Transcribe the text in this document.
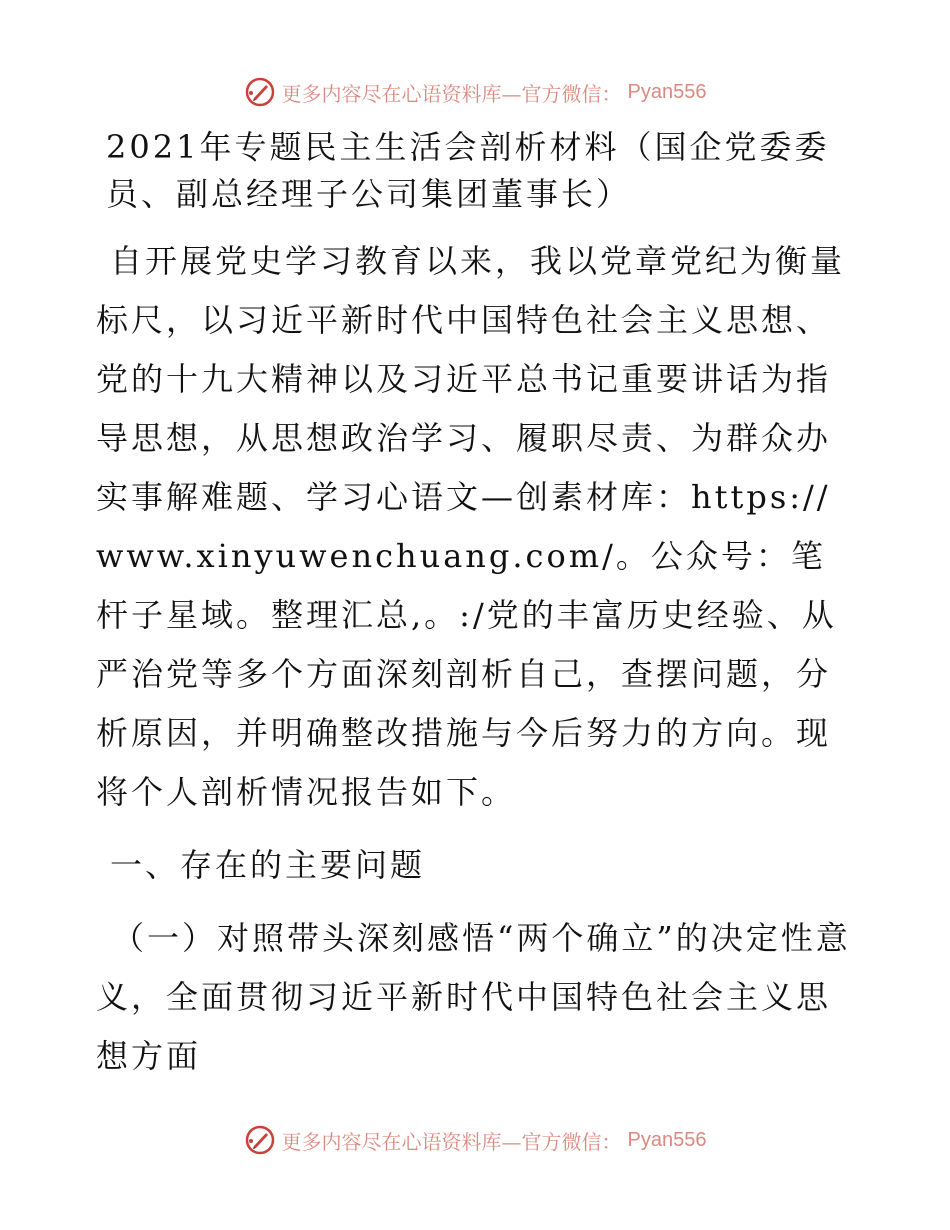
更多内容尽在心语资料库—官方微信： Pyan556
2021年专题民主生活会剖析材料（国企党委委员、副总经理子公司集团董事长）

自开展党史学习教育以来，我以党章党纪为衡量标尺，以习近平新时代中国特色社会主义思想、党的十九大精神以及习近平总书记重要讲话为指导思想，从思想政治学习、履职尽责、为群众办实事解难题、学习心语文—创素材库：https://www.xinyuwenchuang.com/。公众号：笔杆子星域。整理汇总,。:/党的丰富历史经验、从严治党等多个方面深刻剖析自己，查摆问题，分析原因，并明确整改措施与今后努力的方向。现将个人剖析情况报告如下。

一、存在的主要问题
（一）对照带头深刻感悟“两个确立”的决定性意义，全面贯彻习近平新时代中国特色社会主义思想方面
更多内容尽在心语资料库—官方微信： Pyan556
